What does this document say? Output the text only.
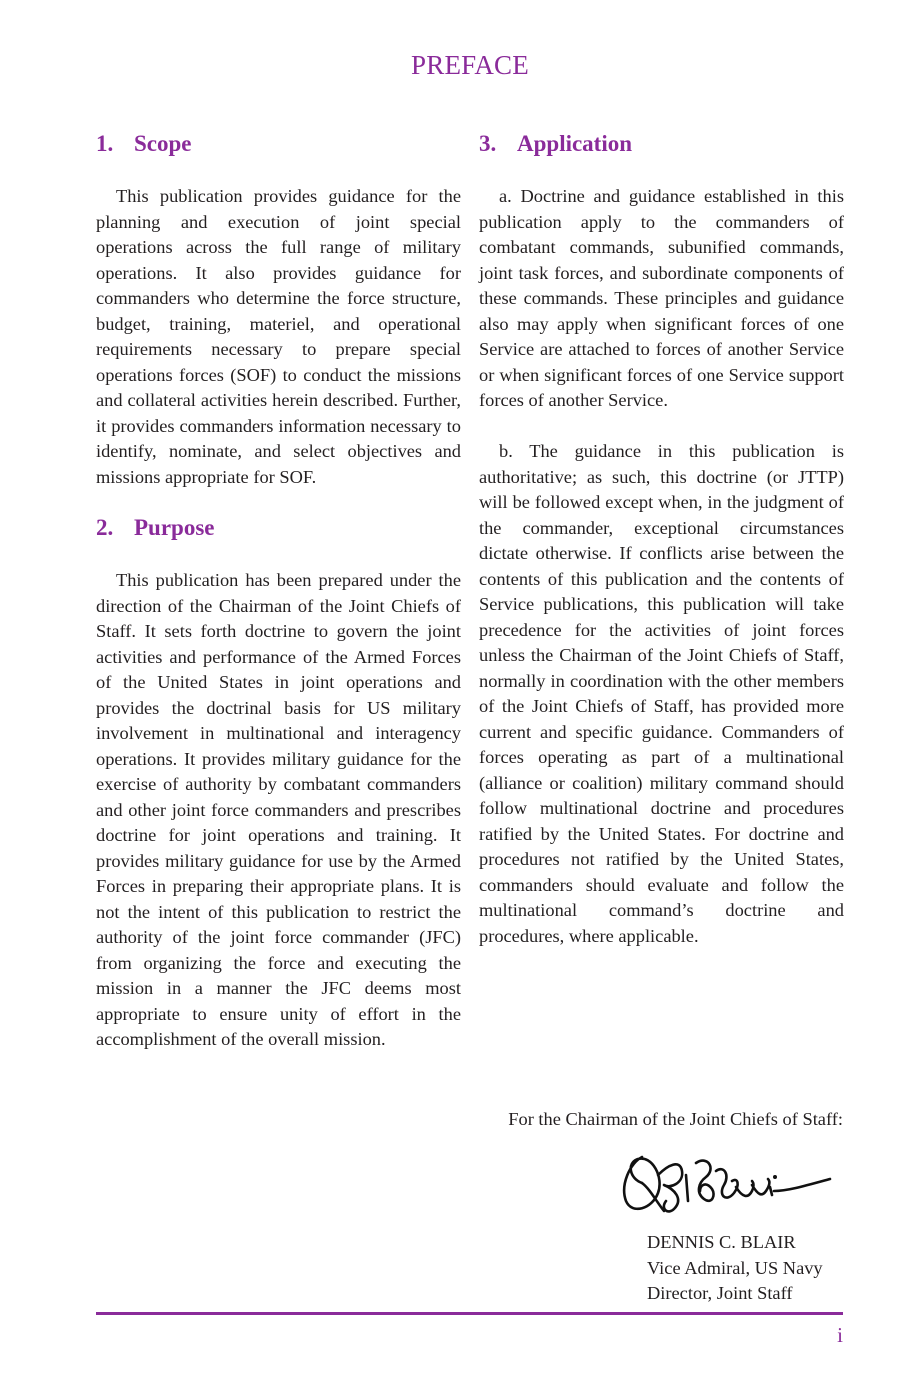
PREFACE
1. Scope

This publication provides guidance for the planning and execution of joint special operations across the full range of military operations. It also provides guidance for commanders who determine the force structure, budget, training, materiel, and operational requirements necessary to prepare special operations forces (SOF) to conduct the missions and collateral activities herein described. Further, it provides commanders information necessary to identify, nominate, and select objectives and missions appropriate for SOF.

2. Purpose

This publication has been prepared under the direction of the Chairman of the Joint Chiefs of Staff. It sets forth doctrine to govern the joint activities and performance of the Armed Forces of the United States in joint operations and provides the doctrinal basis for US military involvement in multinational and interagency operations. It provides military guidance for the exercise of authority by combatant commanders and other joint force commanders and prescribes doctrine for joint operations and training. It provides military guidance for use by the Armed Forces in preparing their appropriate plans. It is not the intent of this publication to restrict the authority of the joint force commander (JFC) from organizing the force and executing the mission in a manner the JFC deems most appropriate to ensure unity of effort in the accomplishment of the overall mission.

3. Application

a. Doctrine and guidance established in this publication apply to the commanders of combatant commands, subunified commands, joint task forces, and subordinate components of these commands. These principles and guidance also may apply when significant forces of one Service are attached to forces of another Service or when significant forces of one Service support forces of another Service.

b. The guidance in this publication is authoritative; as such, this doctrine (or JTTP) will be followed except when, in the judgment of the commander, exceptional circumstances dictate otherwise. If conflicts arise between the contents of this publication and the contents of Service publications, this publication will take precedence for the activities of joint forces unless the Chairman of the Joint Chiefs of Staff, normally in coordination with the other members of the Joint Chiefs of Staff, has provided more current and specific guidance. Commanders of forces operating as part of a multinational (alliance or coalition) military command should follow multinational doctrine and procedures ratified by the United States. For doctrine and procedures not ratified by the United States, commanders should evaluate and follow the multinational command’s doctrine and procedures, where applicable.

For the Chairman of the Joint Chiefs of Staff:
DENNIS C. BLAIR
Vice Admiral, US Navy
Director, Joint Staff
i
